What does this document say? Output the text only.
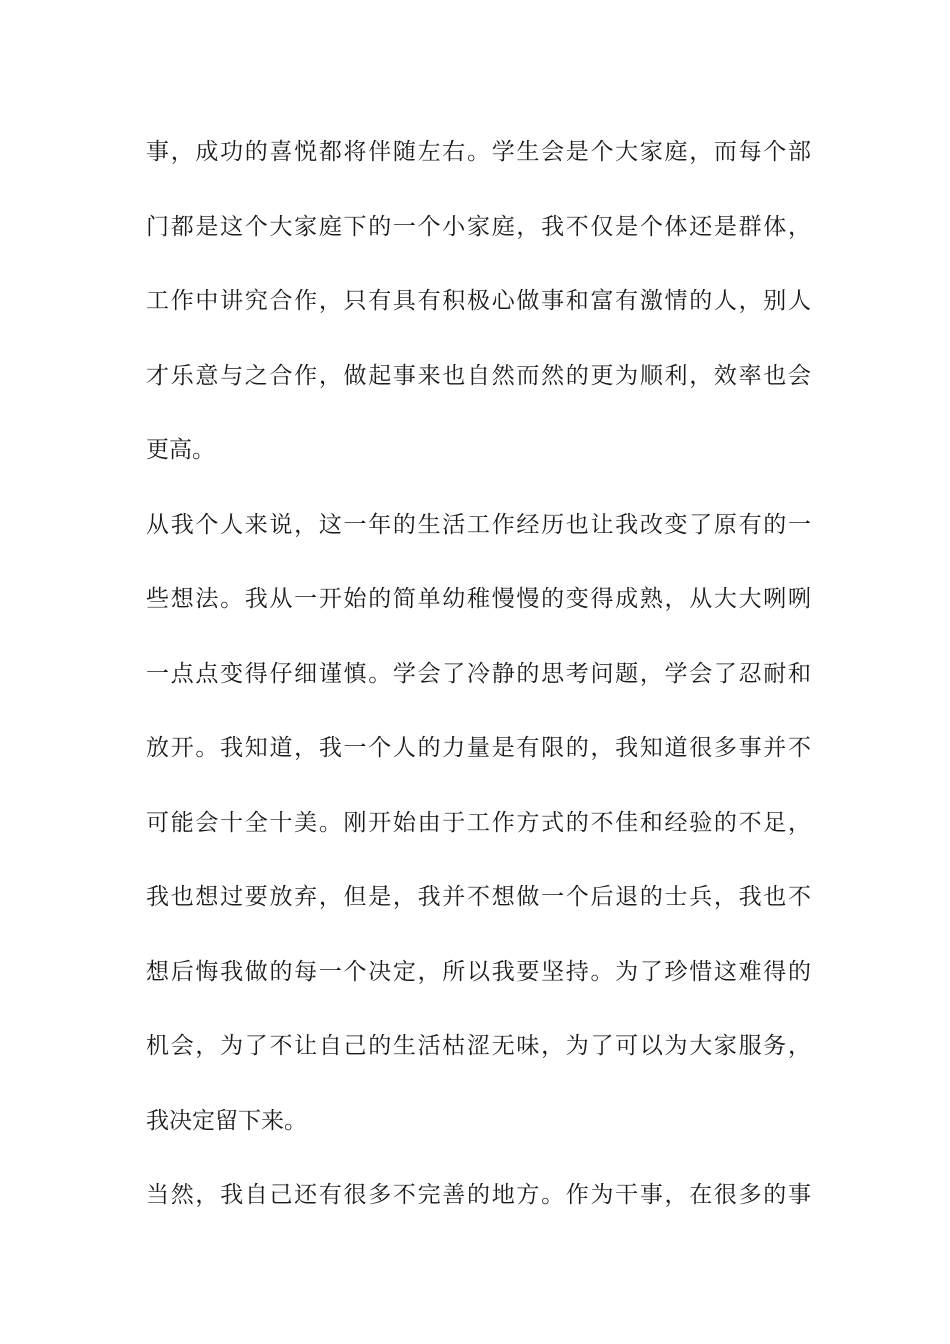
事，成功的喜悦都将伴随左右。学生会是个大家庭，而每个部
门都是这个大家庭下的一个小家庭，我不仅是个体还是群体，
工作中讲究合作，只有具有积极心做事和富有激情的人，别人
才乐意与之合作，做起事来也自然而然的更为顺利，效率也会
更高。
从我个人来说，这一年的生活工作经历也让我改变了原有的一
些想法。我从一开始的简单幼稚慢慢的变得成熟，从大大咧咧
一点点变得仔细谨慎。学会了冷静的思考问题，学会了忍耐和
放开。我知道，我一个人的力量是有限的，我知道很多事并不
可能会十全十美。刚开始由于工作方式的不佳和经验的不足，
我也想过要放弃，但是，我并不想做一个后退的士兵，我也不
想后悔我做的每一个决定，所以我要坚持。为了珍惜这难得的
机会，为了不让自己的生活枯涩无味，为了可以为大家服务，
我决定留下来。
当然，我自己还有很多不完善的地方。作为干事，在很多的事
